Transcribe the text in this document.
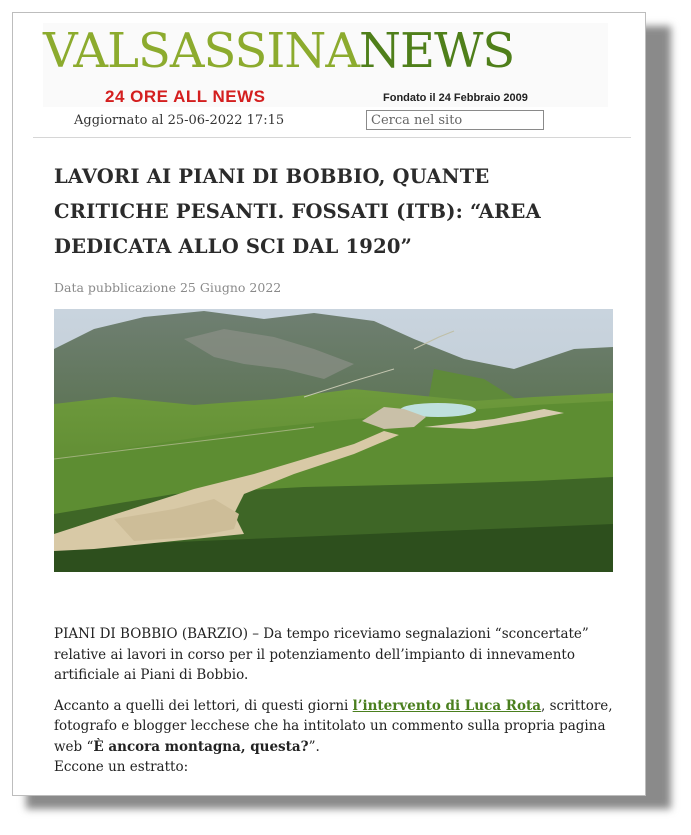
VALSASSINANEWS
24 ORE ALL NEWS	Fondato il 24 Febbraio 2009
Aggiornato al 25-06-2022 17:15
Cerca nel sito
LAVORI AI PIANI DI BOBBIO, QUANTE CRITICHE PESANTI. FOSSATI (ITB): “AREA DEDICATA ALLO SCI DAL 1920”
Data pubblicazione 25 Giugno 2022

PIANI DI BOBBIO (BARZIO) – Da tempo riceviamo segnalazioni “sconcertate” relative ai lavori in corso per il potenziamento dell’impianto di innevamento artificiale ai Piani di Bobbio.

Accanto a quelli dei lettori, di questi giorni l’intervento di Luca Rota, scrittore, fotografo e blogger lecchese che ha intitolato un commento sulla propria pagina web “È ancora montagna, questa?”.
Eccone un estratto:
